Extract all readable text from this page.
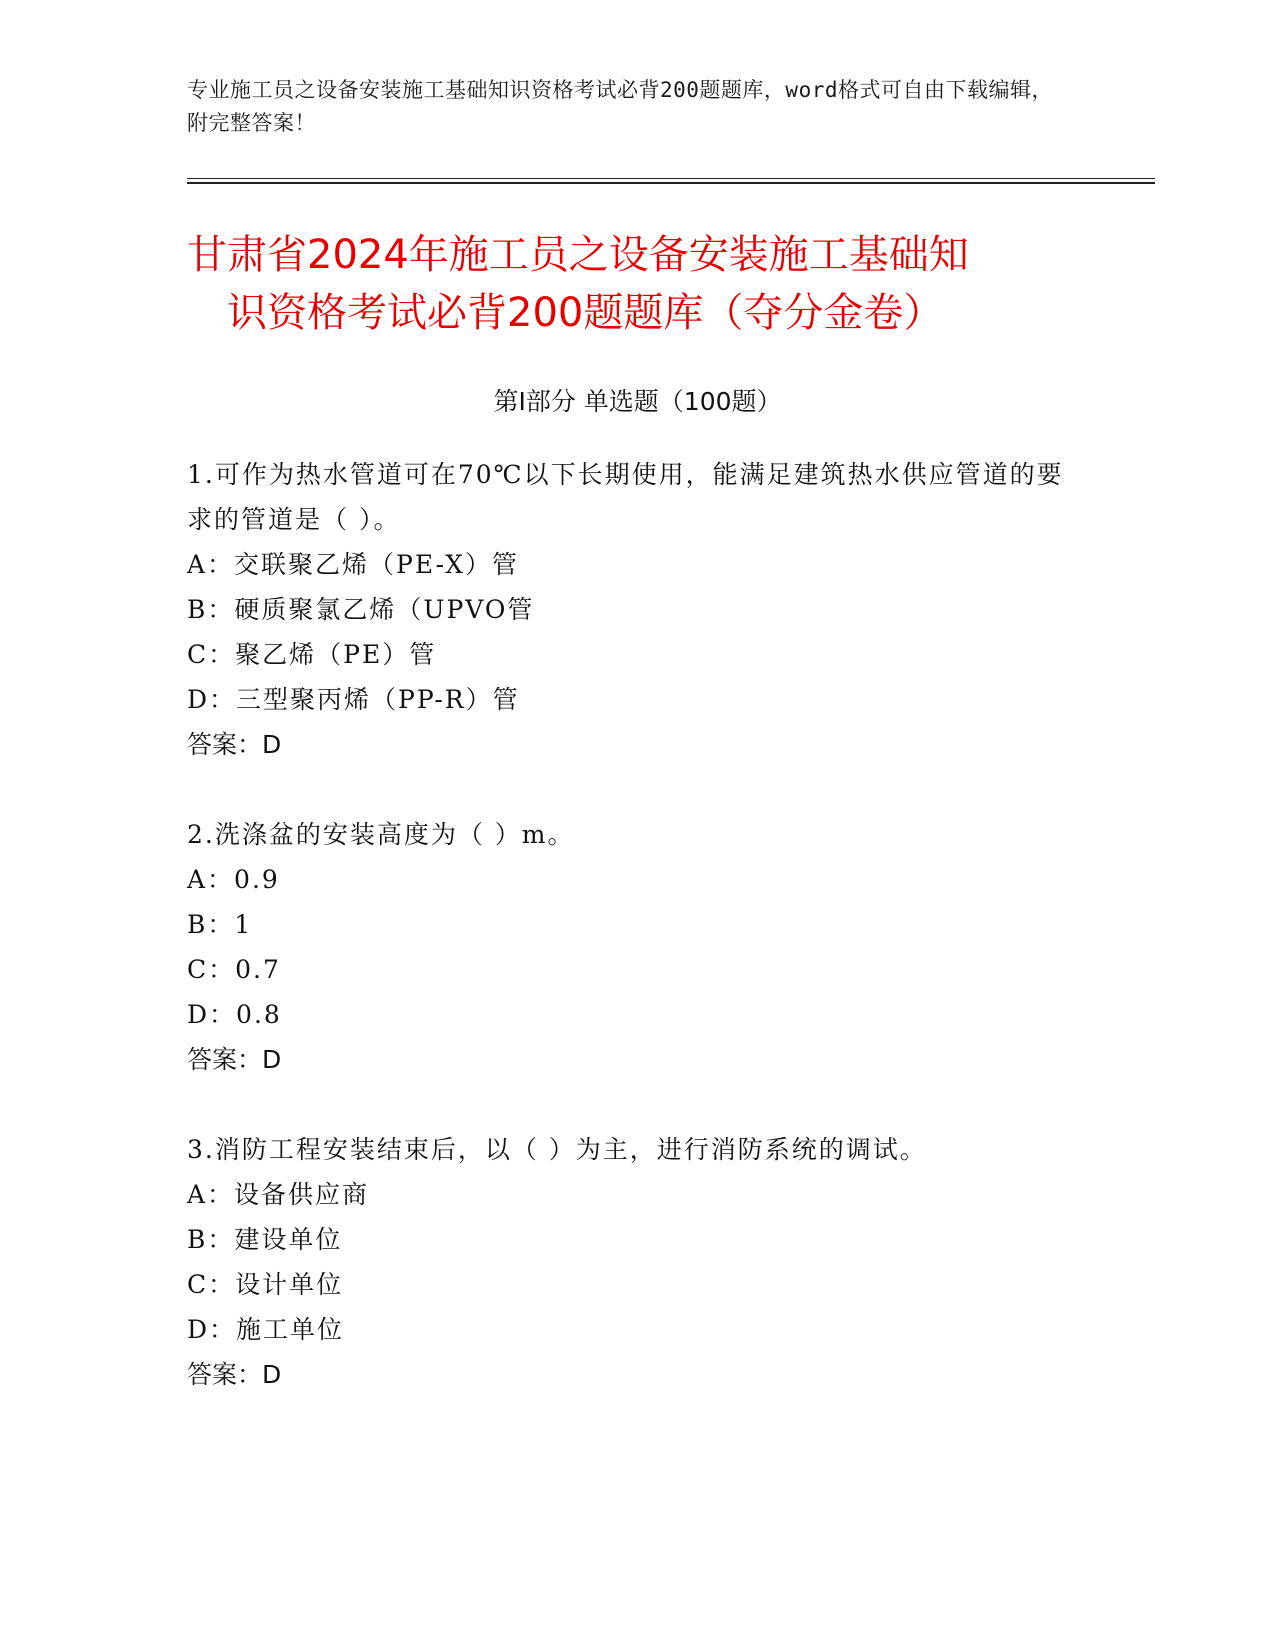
专业施工员之设备安装施工基础知识资格考试必背200题题库，word格式可自由下载编辑，附完整答案！
甘肃省2024年施工员之设备安装施工基础知
识资格考试必背200题题库（夺分金卷）
第Ⅰ部分 单选题（100题）
1.可作为热水管道可在70℃以下长期使用，能满足建筑热水供应管道的要求的管道是（ ）。
A：交联聚乙烯（PE-X）管
B：硬质聚氯乙烯（UPVO管
C：聚乙烯（PE）管
D：三型聚丙烯（PP-R）管
答案：D
2.洗涤盆的安装高度为（ ）m。
A：0.9
B：1
C：0.7
D：0.8
答案：D
3.消防工程安装结束后，以（ ）为主，进行消防系统的调试。
A：设备供应商
B：建设单位
C：设计单位
D：施工单位
答案：D
